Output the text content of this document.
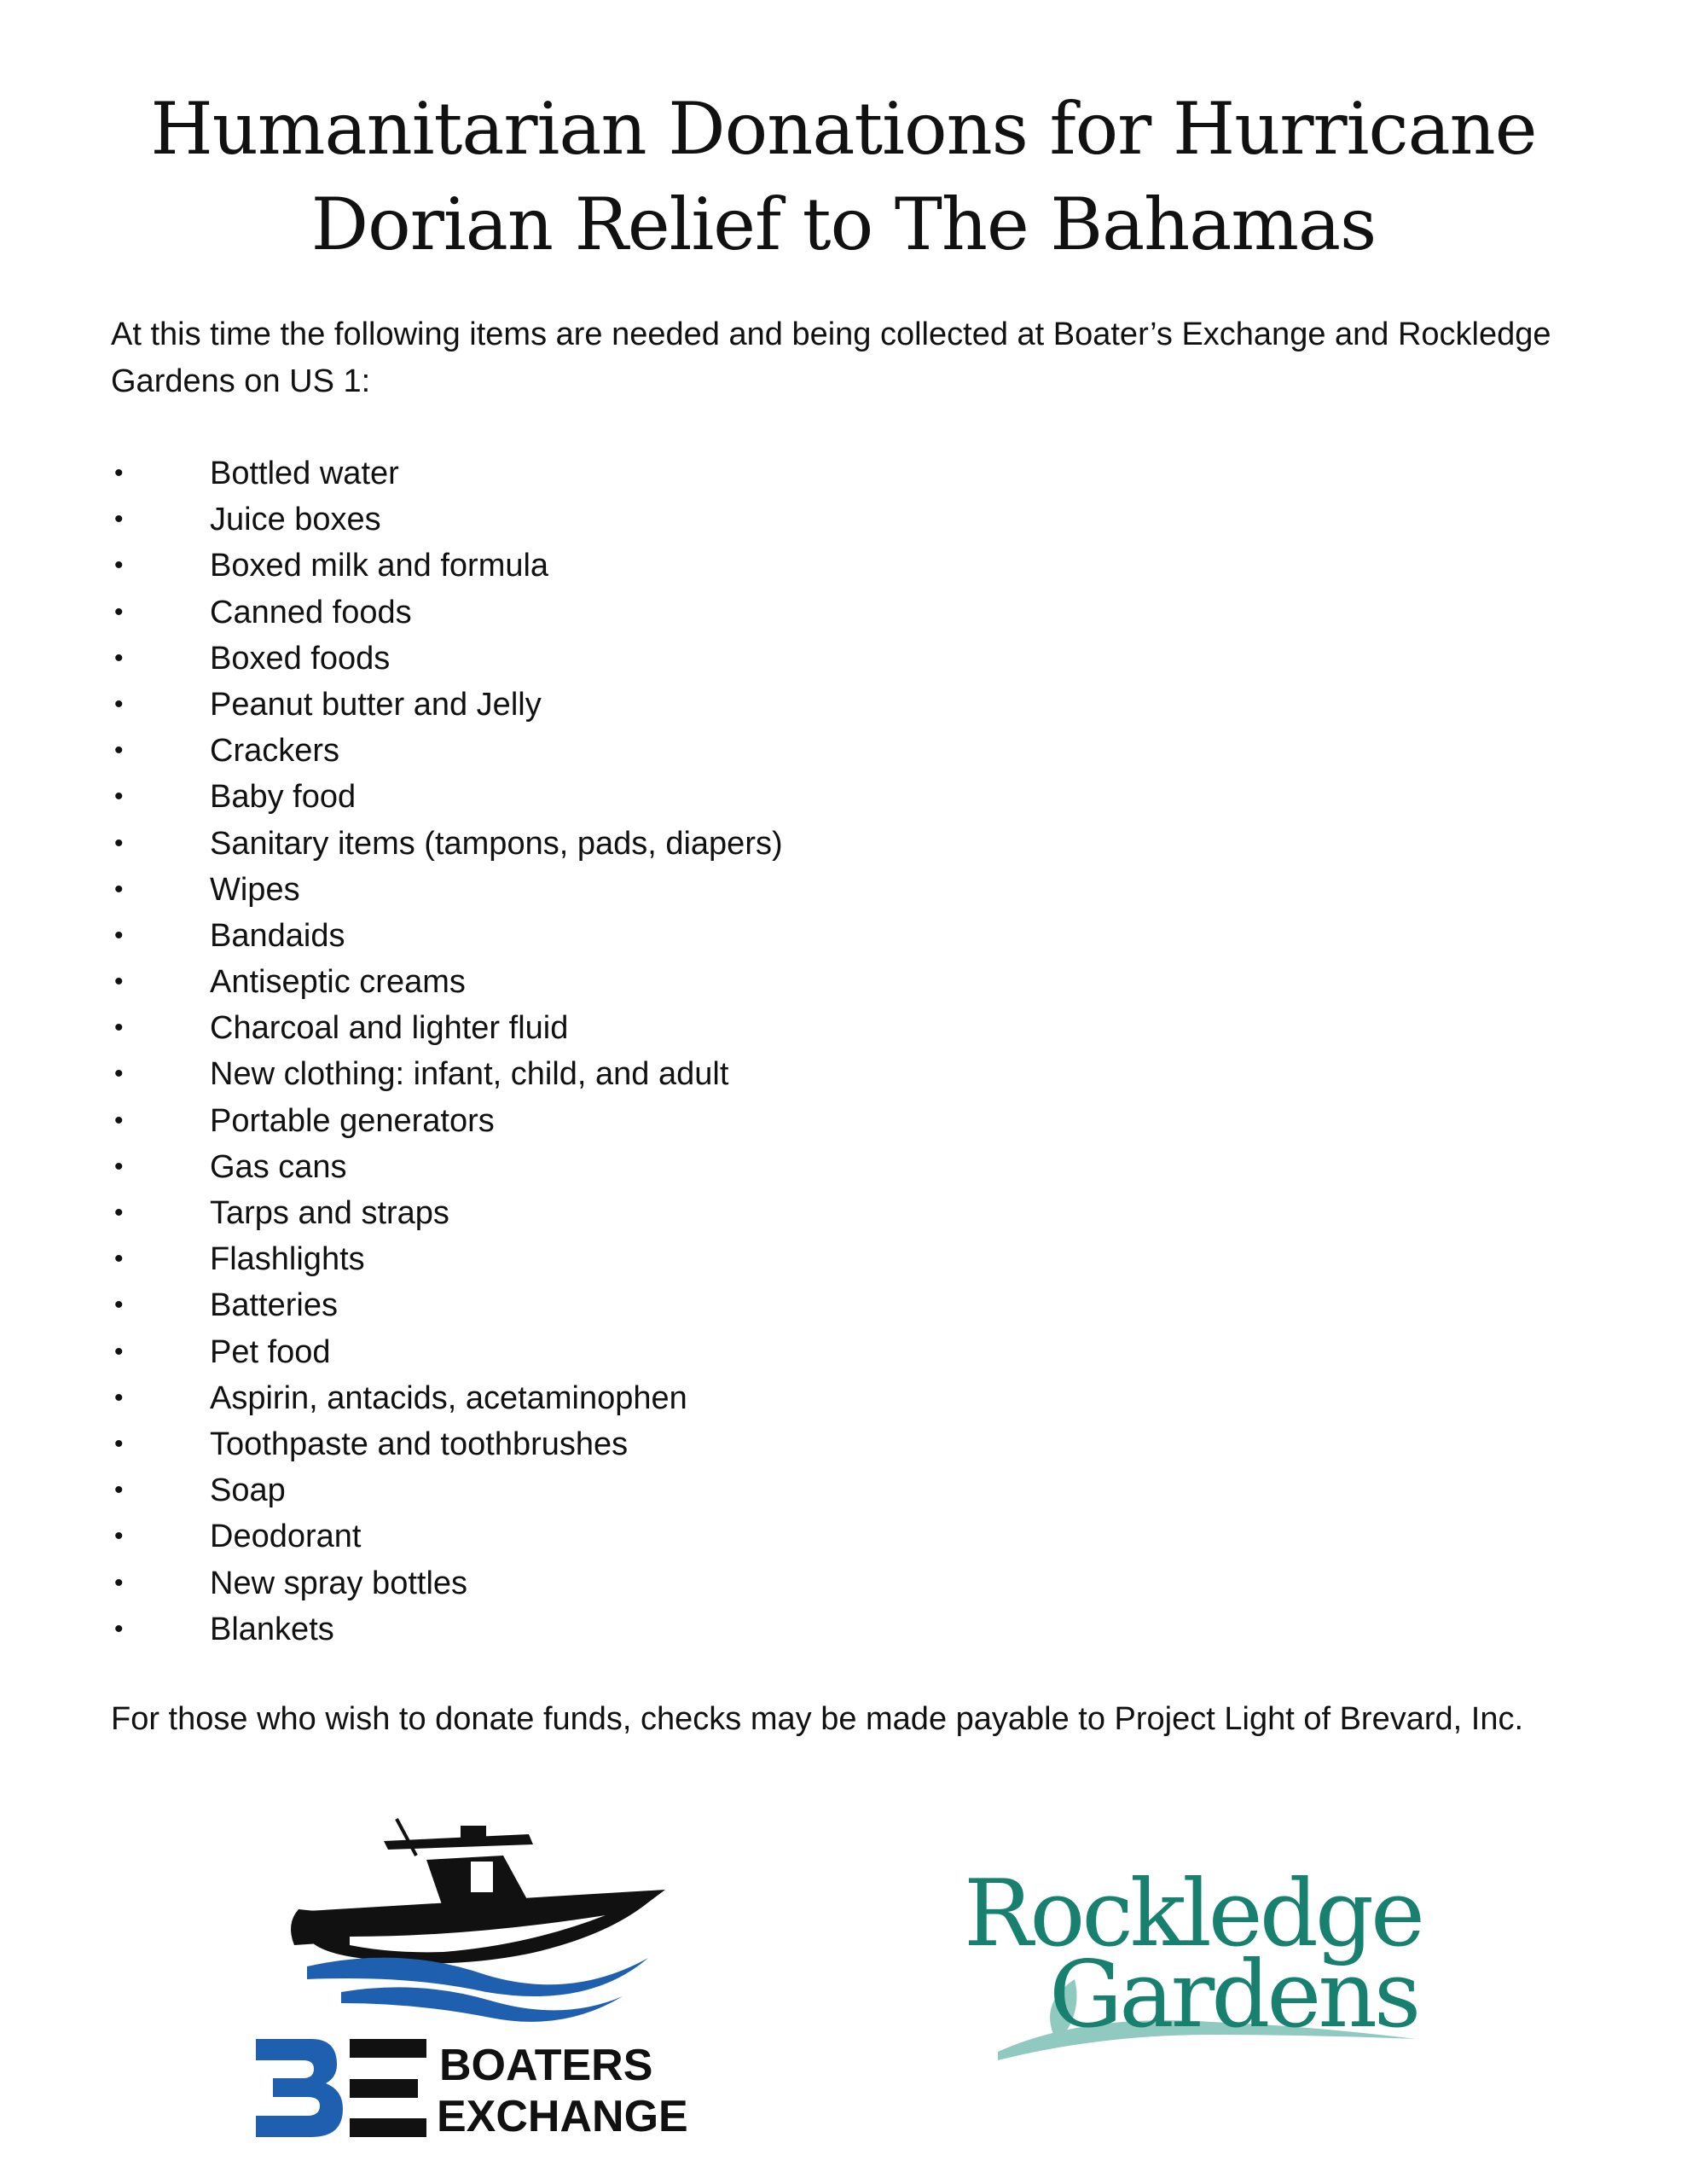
Humanitarian Donations for Hurricane
Dorian Relief to The Bahamas

At this time the following items are needed and being collected at Boater’s Exchange and Rockledge Gardens on US 1:

•	Bottled water
•	Juice boxes
•	Boxed milk and formula
•	Canned foods
•	Boxed foods
•	Peanut butter and Jelly
•	Crackers
•	Baby food
•	Sanitary items (tampons, pads, diapers)
•	Wipes
•	Bandaids
•	Antiseptic creams
•	Charcoal and lighter fluid
•	New clothing: infant, child, and adult
•	Portable generators
•	Gas cans
•	Tarps and straps
•	Flashlights
•	Batteries
•	Pet food
•	Aspirin, antacids, acetaminophen
•	Toothpaste and toothbrushes
•	Soap
•	Deodorant
•	New spray bottles
•	Blankets

For those who wish to donate funds, checks may be made payable to Project Light of Brevard, Inc.

BOATERS
EXCHANGE
Rockledge
Gardens
